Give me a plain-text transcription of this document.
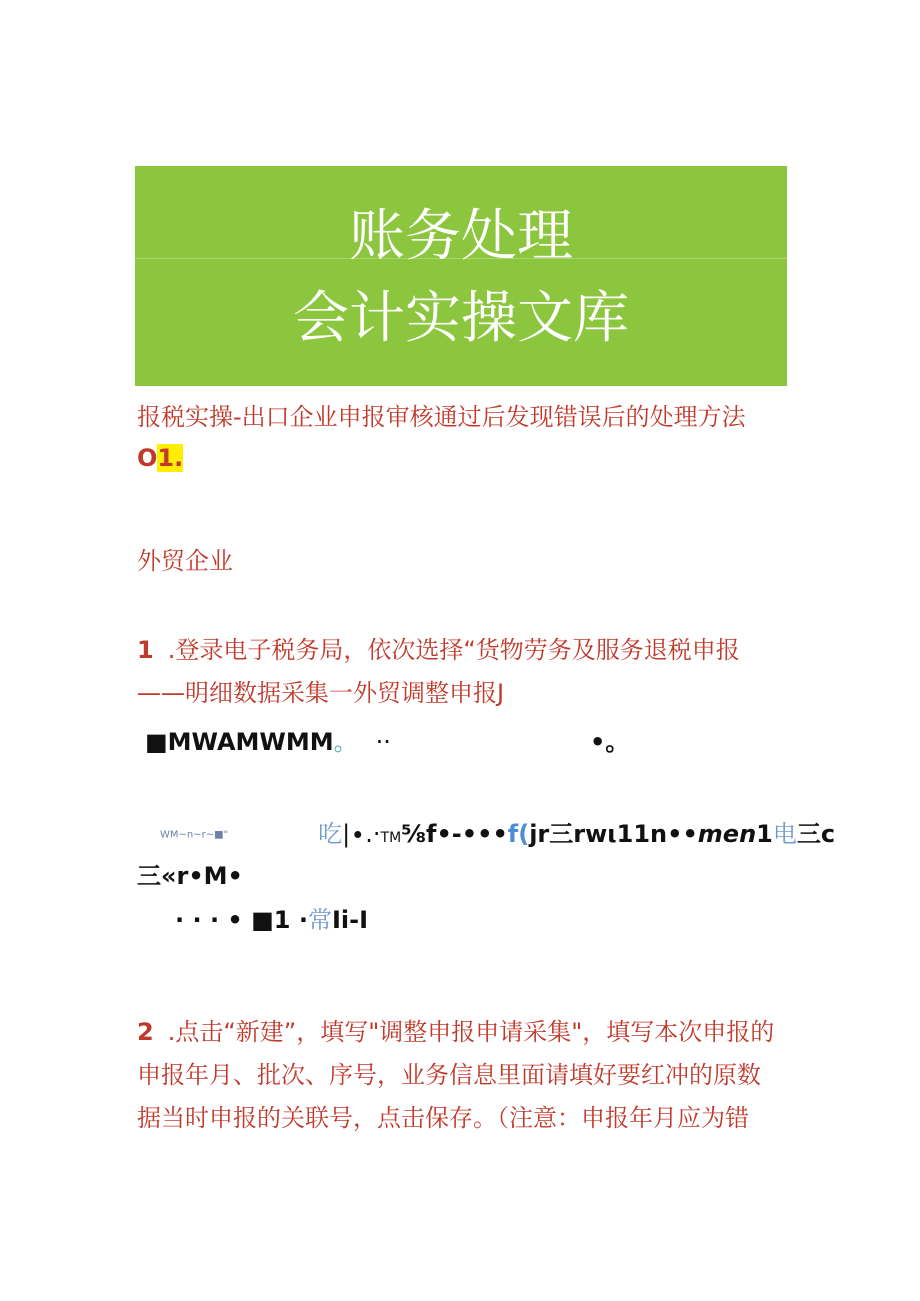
账务处理
会计实操文库
报税实操-出口企业申报审核通过后发现错误后的处理方法
O1.
外贸企业
1 .登录电子税务局，依次选择“货物劳务及服务退税申报
——明细数据采集一外贸调整申报J
■MWAMWMM。 ··	•。
WM~n~r~■"	吃|∙.·TM⅝f•-•••f(jr三rwι11n••men1电三c
三«r•M•
· · · • ■1 ·常Ii-I
2 .点击“新建”，填写"调整申报申请采集"，填写本次申报的
申报年月、批次、序号，业务信息里面请填好要红冲的原数
据当时申报的关联号，点击保存。（注意：申报年月应为错
